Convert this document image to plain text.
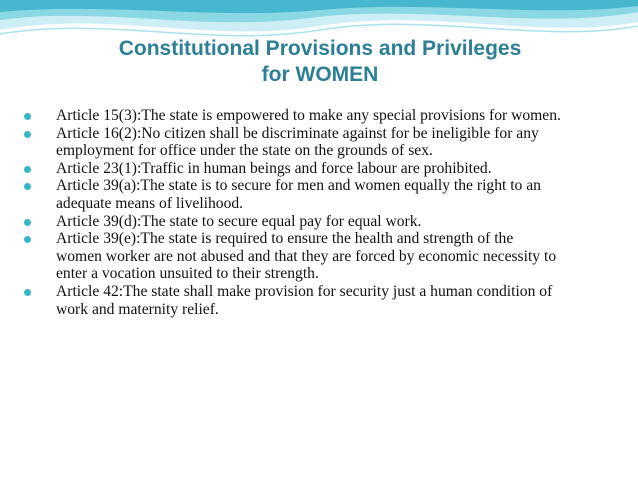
Constitutional Provisions and Privileges
for WOMEN
Article 15(3):The state is empowered to make any special provisions for women.
Article 16(2):No citizen shall be discriminate against for be ineligible for any employment for office under the state on the grounds of sex.
Article 23(1):Traffic in human beings and force labour are prohibited.
Article 39(a):The state is to secure for men and women equally the right to an adequate means of livelihood.
Article 39(d):The state to secure equal pay for equal work.
Article 39(e):The state is required to ensure the health and strength of the women worker are not abused and that they are forced by economic necessity to enter a vocation unsuited to their strength.
Article 42:The state shall make provision for security just a human condition of work and maternity relief.
